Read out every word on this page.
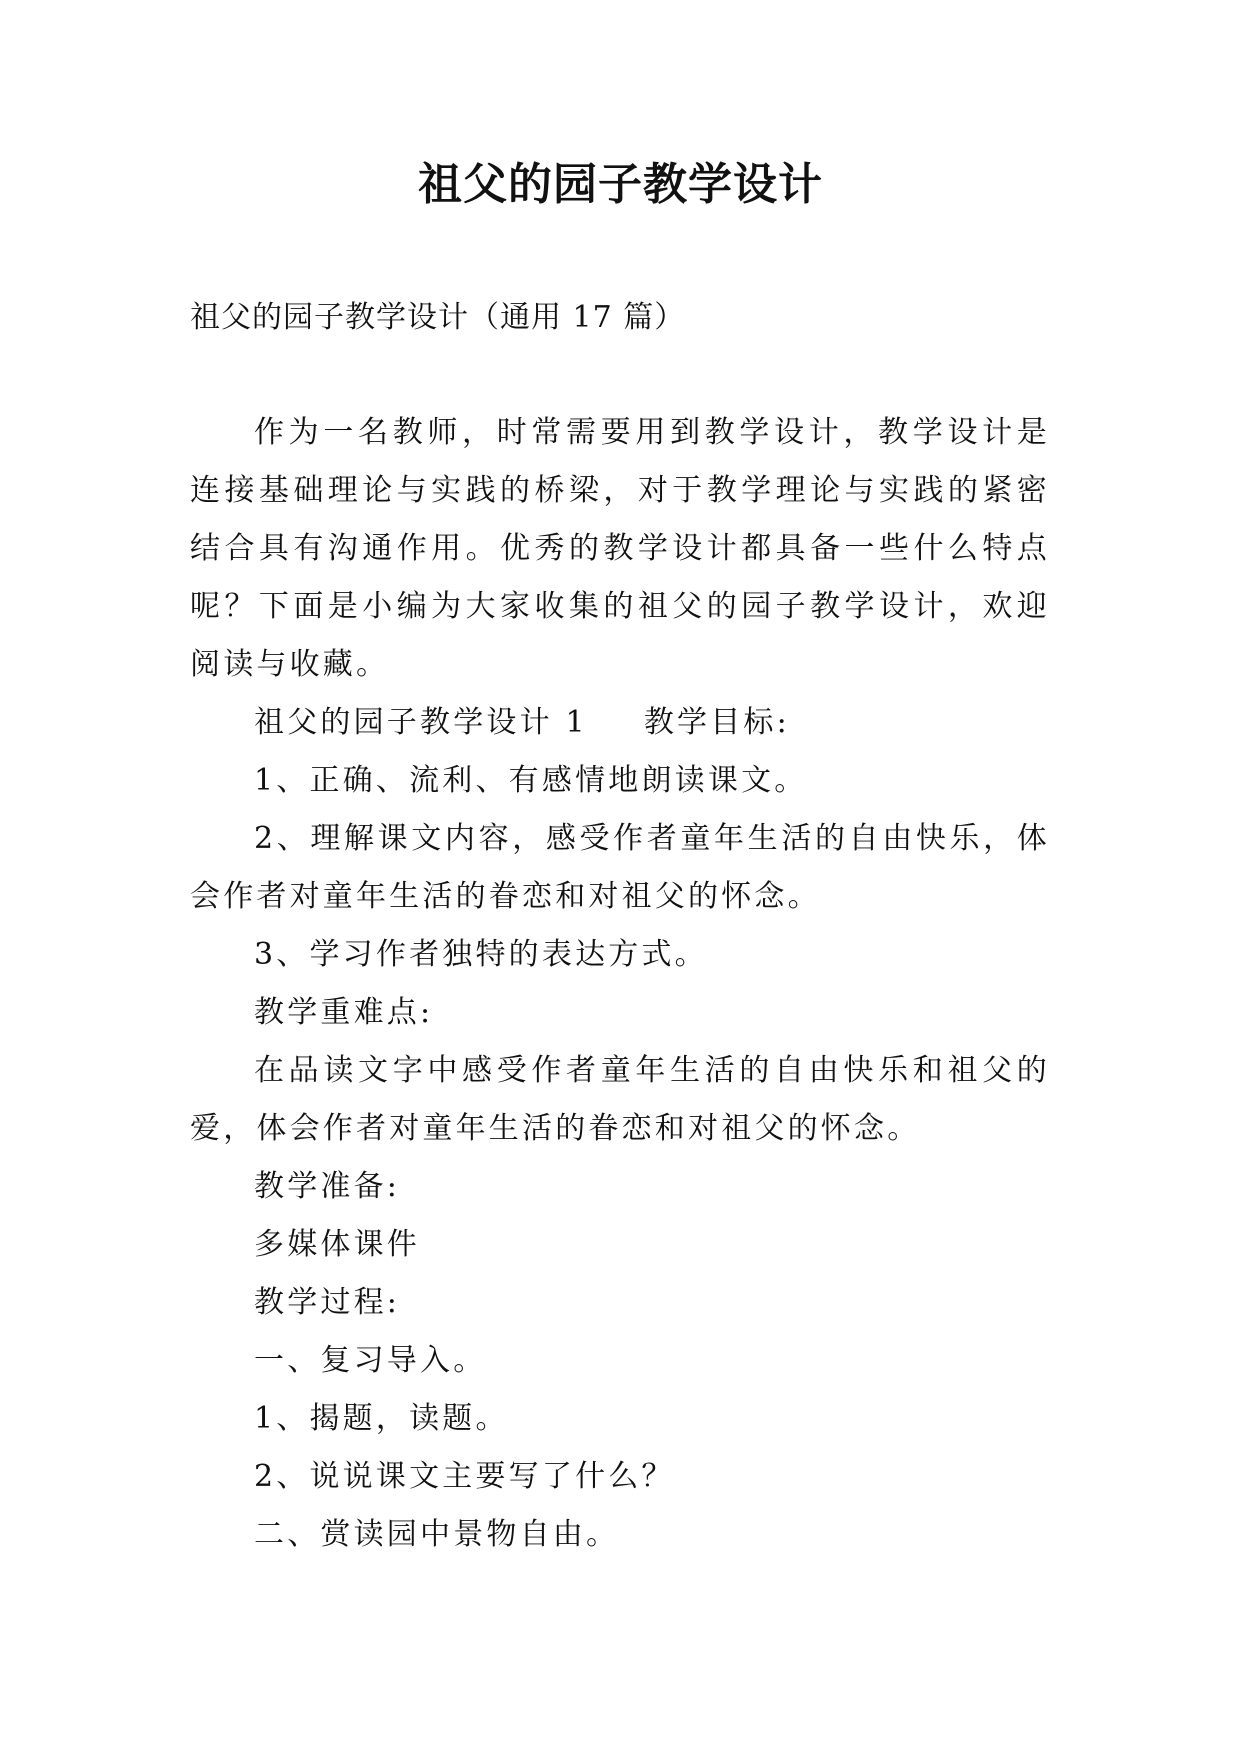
祖父的园子教学设计
祖父的园子教学设计（通用 17 篇）

作为一名教师，时常需要用到教学设计，教学设计是连接基础理论与实践的桥梁，对于教学理论与实践的紧密结合具有沟通作用。优秀的教学设计都具备一些什么特点呢？下面是小编为大家收集的祖父的园子教学设计，欢迎阅读与收藏。

祖父的园子教学设计 1 教学目标:

1、正确、流利、有感情地朗读课文。

2、理解课文内容，感受作者童年生活的自由快乐，体会作者对童年生活的眷恋和对祖父的怀念。

3、学习作者独特的表达方式。

教学重难点:

在品读文字中感受作者童年生活的自由快乐和祖父的爱，体会作者对童年生活的眷恋和对祖父的怀念。

教学准备:

多媒体课件

教学过程:

一、复习导入。

1、揭题，读题。

2、说说课文主要写了什么？

二、赏读园中景物自由。
